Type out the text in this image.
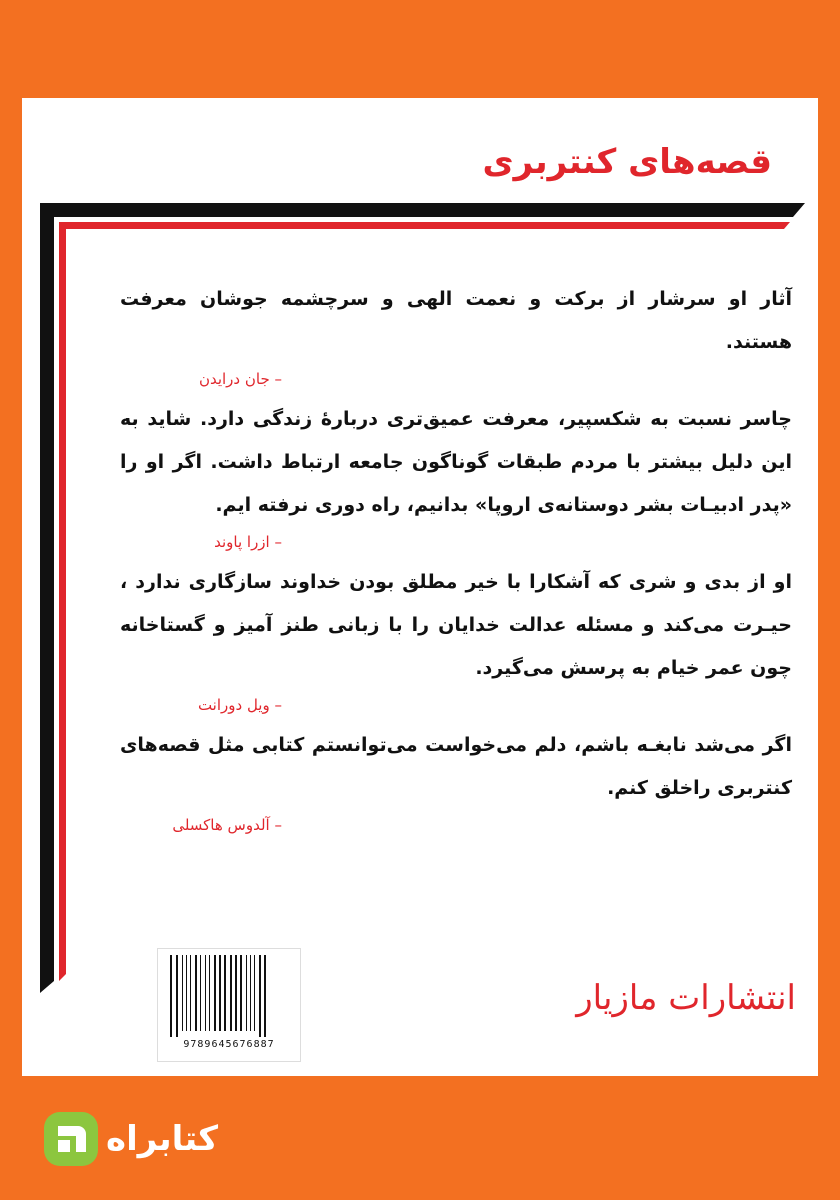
قصه‌های کنتربری

آثار او سرشار از برکت و نعمت الهی و سرچشمه جوشان معرفت هستند.

– جان درایدن

چاسر نسبت به شکسپیر، معرفت عمیق‌تری دربارهٔ زندگی دارد. شاید به این دلیل بیشتر با مردم طبقات گوناگون جامعه ارتباط داشت. اگر او را «پدر ادبیـات بشر دوستانه‌ی اروپا» بدانیم، راه دوری نرفته ایم.

– ازرا پاوند

او از بدی و شری که آشکارا با خیر مطلق بودن خداوند سازگاری ندارد ، حیـرت می‌کند و مسئله عدالت خدایان را با زبانی طنز آمیز و گستاخانه چون عمر خیام به پرسش می‌گیرد.

– ویل دورانت

اگر می‌شد نابغـه باشم، دلم می‌خواست می‌توانستم کتابی مثل قصه‌های کنتربری راخلق کنم.

– آلدوس هاکسلی
9789645676887
انتشارات مازیار
کتابراه
